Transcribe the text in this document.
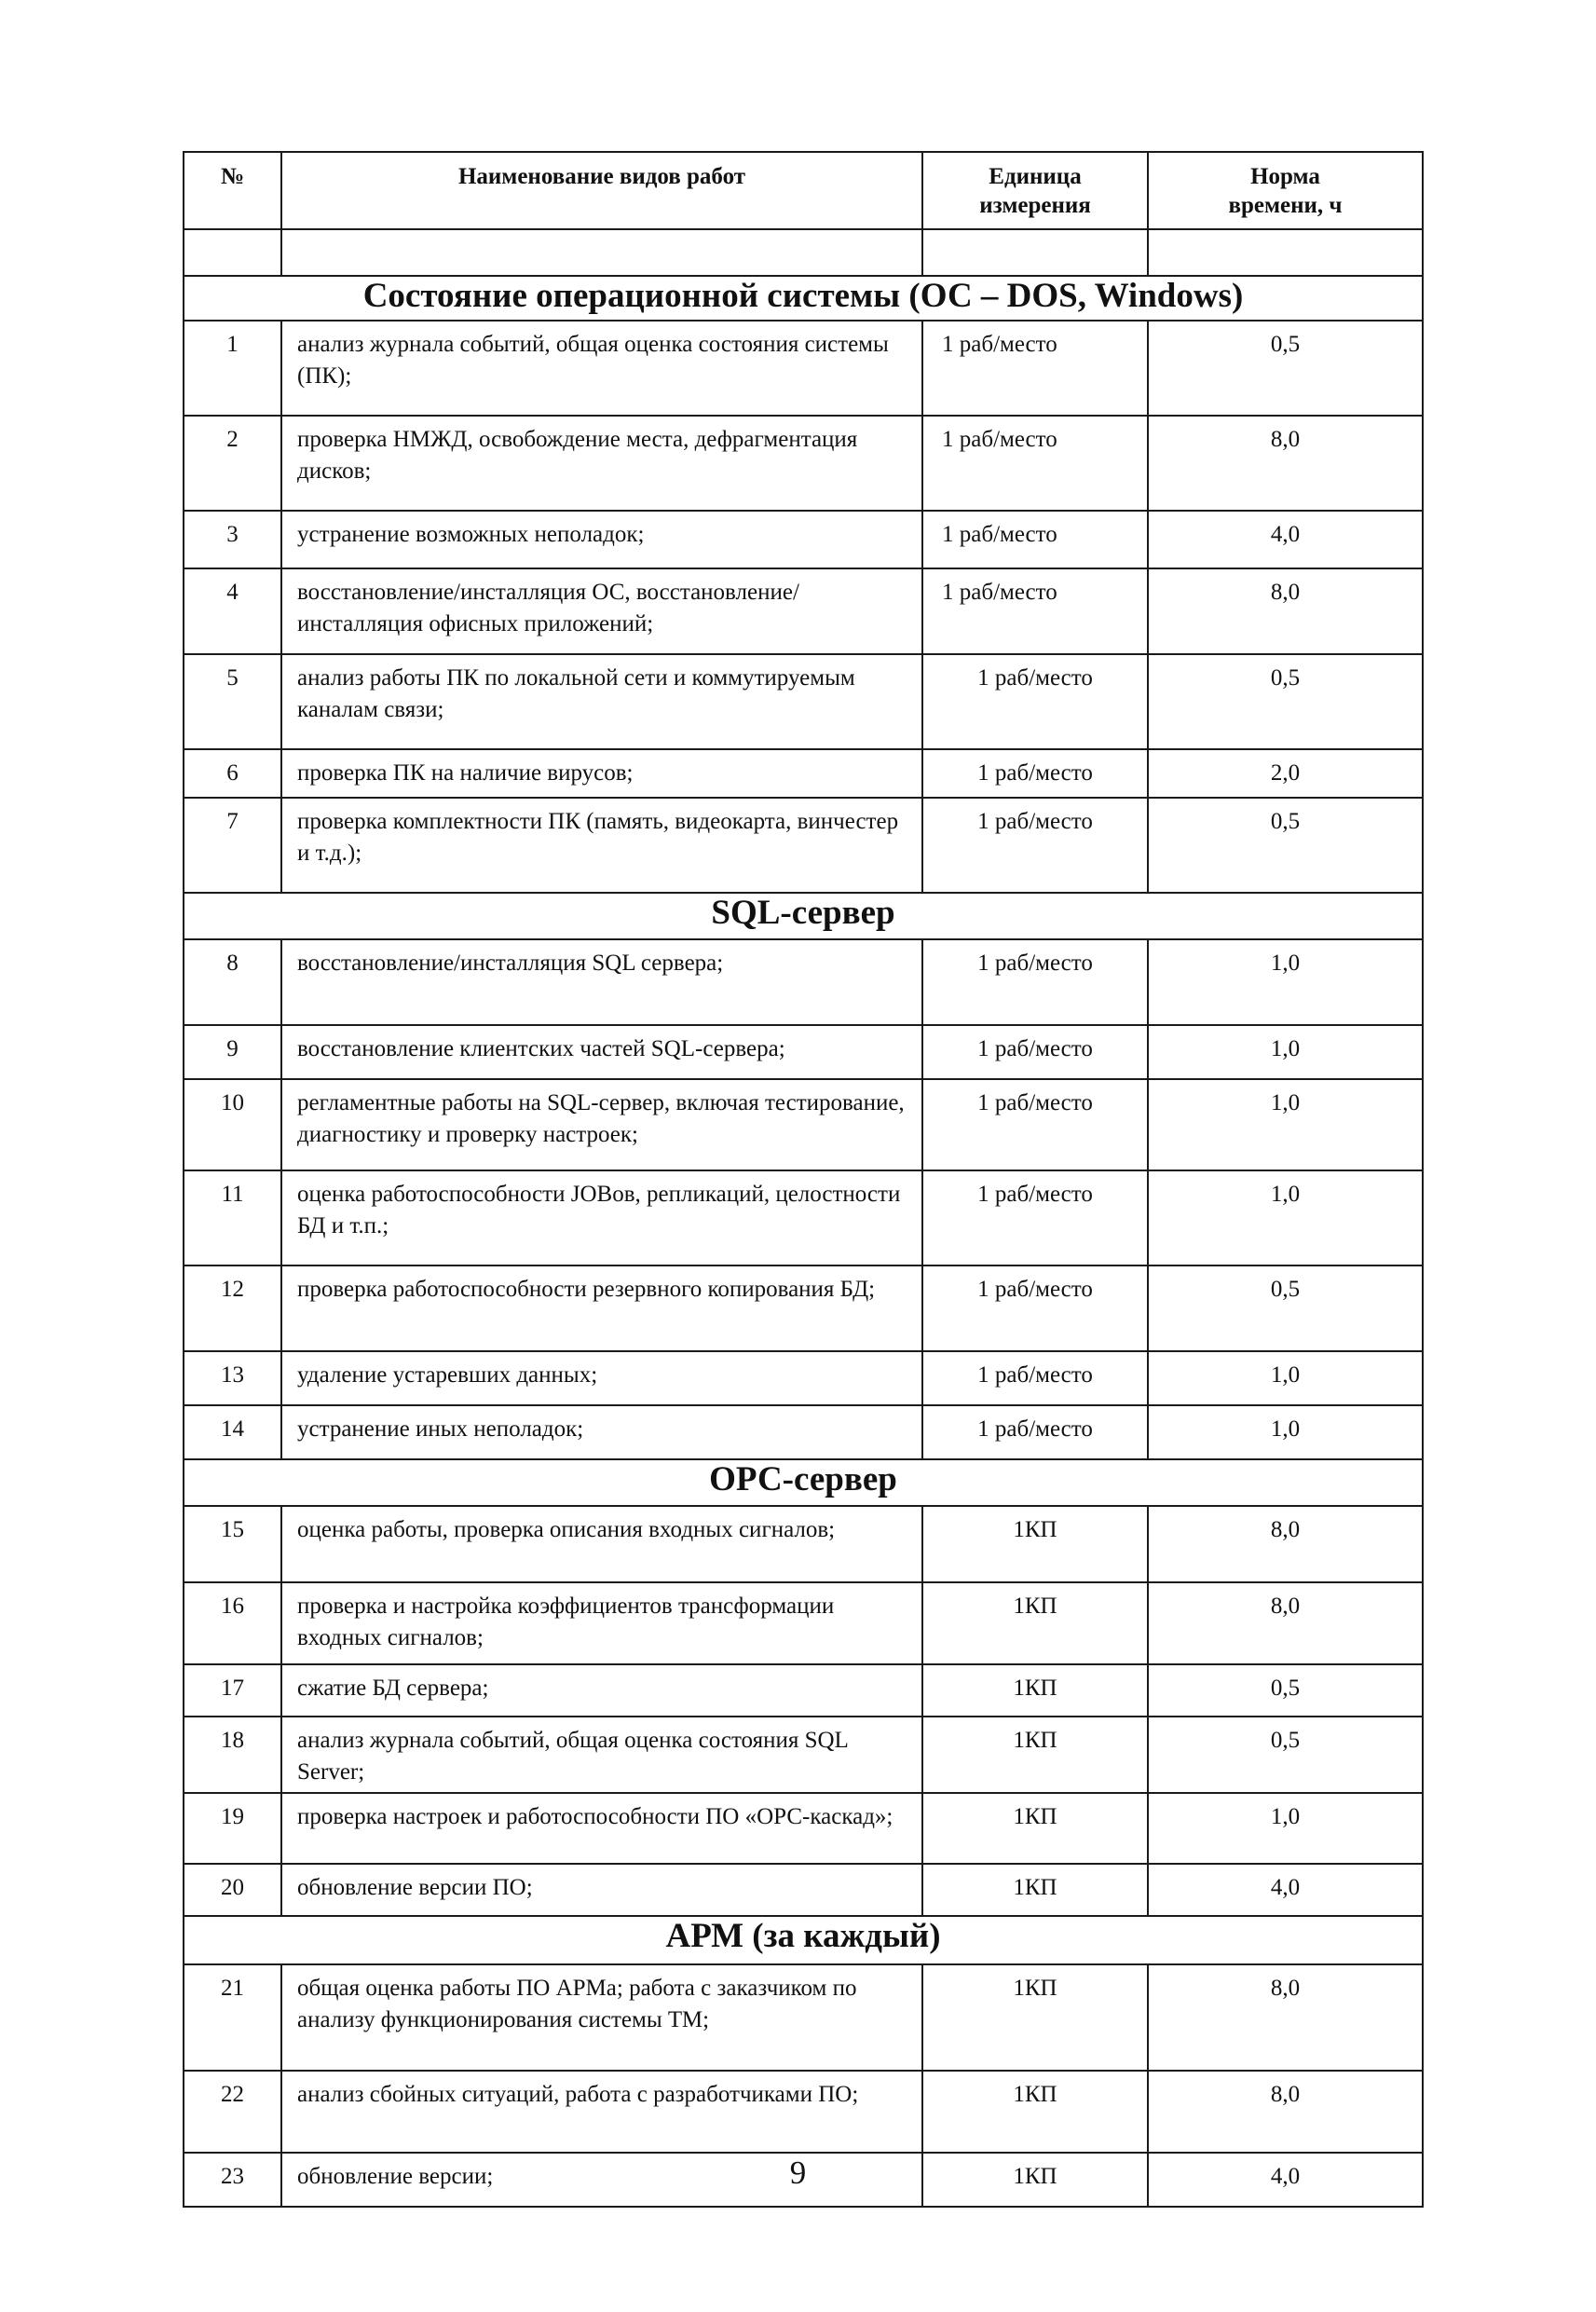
№	Наименование видов работ	Единица измерения	Норма времени, ч

Состояние операционной системы (ОС – DOS, Windows)			
1	анализ журнала событий, общая оценка состояния системы (ПК);	1 раб/место	0,5
2	проверка НМЖД, освобождение места, дефрагментация дисков;	1 раб/место	8,0
3	устранение возможных неполадок;	1 раб/место	4,0
4	восстановление/инсталляция ОС, восстановление/инсталляция офисных приложений;	1 раб/место	8,0
5	анализ работы ПК по локальной сети и коммутируемым каналам связи;	1 раб/место	0,5
6	проверка ПК на наличие вирусов;	1 раб/место	2,0
7	проверка комплектности ПК (память, видеокарта, винчестер и т.д.);	1 раб/место	0,5
SQL-сервер			
8	восстановление/инсталляция SQL сервера;	1 раб/место	1,0
9	восстановление клиентских частей SQL-сервера;	1 раб/место	1,0
10	регламентные работы на SQL-сервер, включая тестирование, диагностику и проверку настроек;	1 раб/место	1,0
11	оценка работоспособности JOBов, репликаций, целостности БД и т.п.;	1 раб/место	1,0
12	проверка работоспособности резервного копирования БД;	1 раб/место	0,5
13	удаление устаревших данных;	1 раб/место	1,0
14	устранение иных неполадок;	1 раб/место	1,0
ОРС-сервер			
15	оценка работы, проверка описания входных сигналов;	1КП	8,0
16	проверка и настройка коэффициентов трансформации входных сигналов;	1КП	8,0
17	сжатие БД сервера;	1КП	0,5
18	анализ журнала событий, общая оценка состояния SQL Server;	1КП	0,5
19	проверка настроек и работоспособности ПО «ОРС-каскад»;	1КП	1,0
20	обновление версии ПО;	1КП	4,0
АРМ (за каждый)			
21	общая оценка работы ПО АРМа; работа с заказчиком по анализу функционирования системы ТМ;	1КП	8,0
22	анализ сбойных ситуаций, работа с разработчиками ПО;	1КП	8,0
23	обновление версии;	1КП	4,0
9
